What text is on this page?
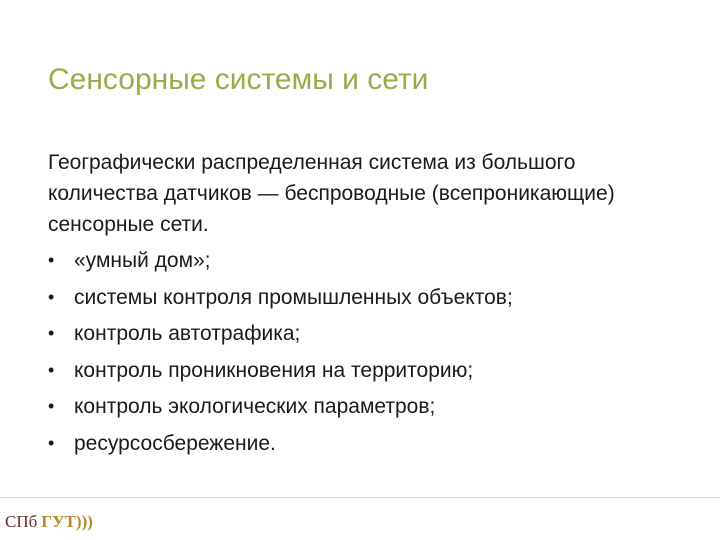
Сенсорные системы и сети

Географически распределенная система из большого количества датчиков — беспроводные (всепроникающие) сенсорные сети.

• «умный дом»;
• системы контроля промышленных объектов;
• контроль автотрафика;
• контроль проникновения на территорию;
• контроль экологических параметров;
• ресурсосбережение.
СПб ГУТ)))
